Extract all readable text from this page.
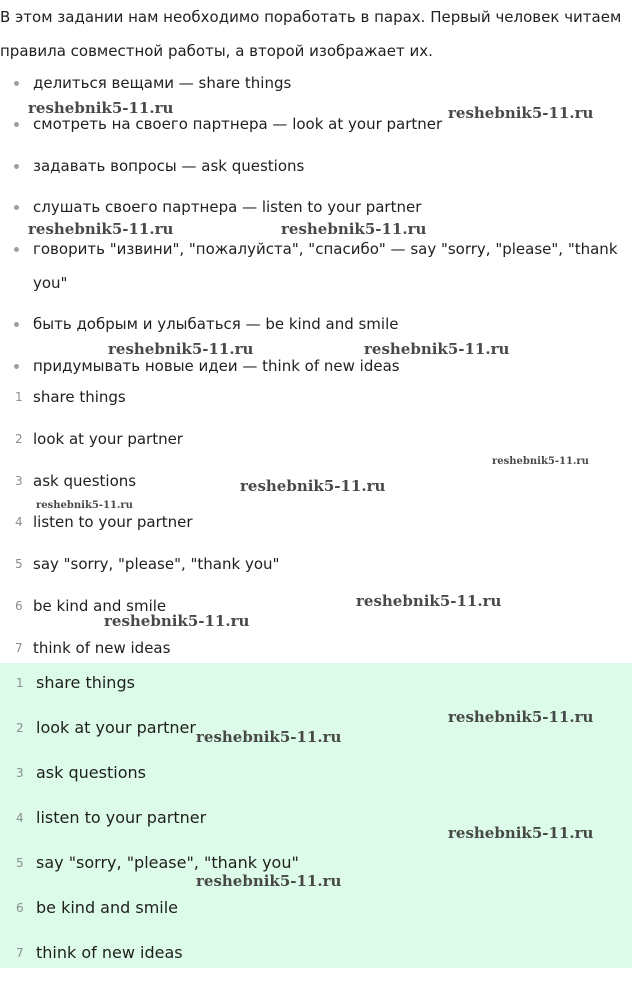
В этом задании нам необходимо поработать в парах. Первый человек читаем
правила совместной работы, а второй изображает их.
делиться вещами — share things
смотреть на своего партнера — look at your partner
задавать вопросы — ask questions
слушать своего партнера — listen to your partner
говорить "извини", "пожалуйста", "спасибо" — say "sorry, "please", "thank
you"
быть добрым и улыбаться — be kind and smile
придумывать новые идеи — think of new ideas
1 share things
2 look at your partner
3 ask questions
4 listen to your partner
5 say "sorry, "please", "thank you"
6 be kind and smile
7 think of new ideas
1 share things
2 look at your partner
3 ask questions
4 listen to your partner
5 say "sorry, "please", "thank you"
6 be kind and smile
7 think of new ideas
reshebnik5-11.ru	reshebnik5-11.ru
reshebnik5-11.ru	reshebnik5-11.ru
reshebnik5-11.ru	reshebnik5-11.ru
reshebnik5-11.ru
reshebnik5-11.ru
reshebnik5-11.ru
reshebnik5-11.ru
reshebnik5-11.ru
reshebnik5-11.ru
reshebnik5-11.ru
reshebnik5-11.ru
reshebnik5-11.ru
